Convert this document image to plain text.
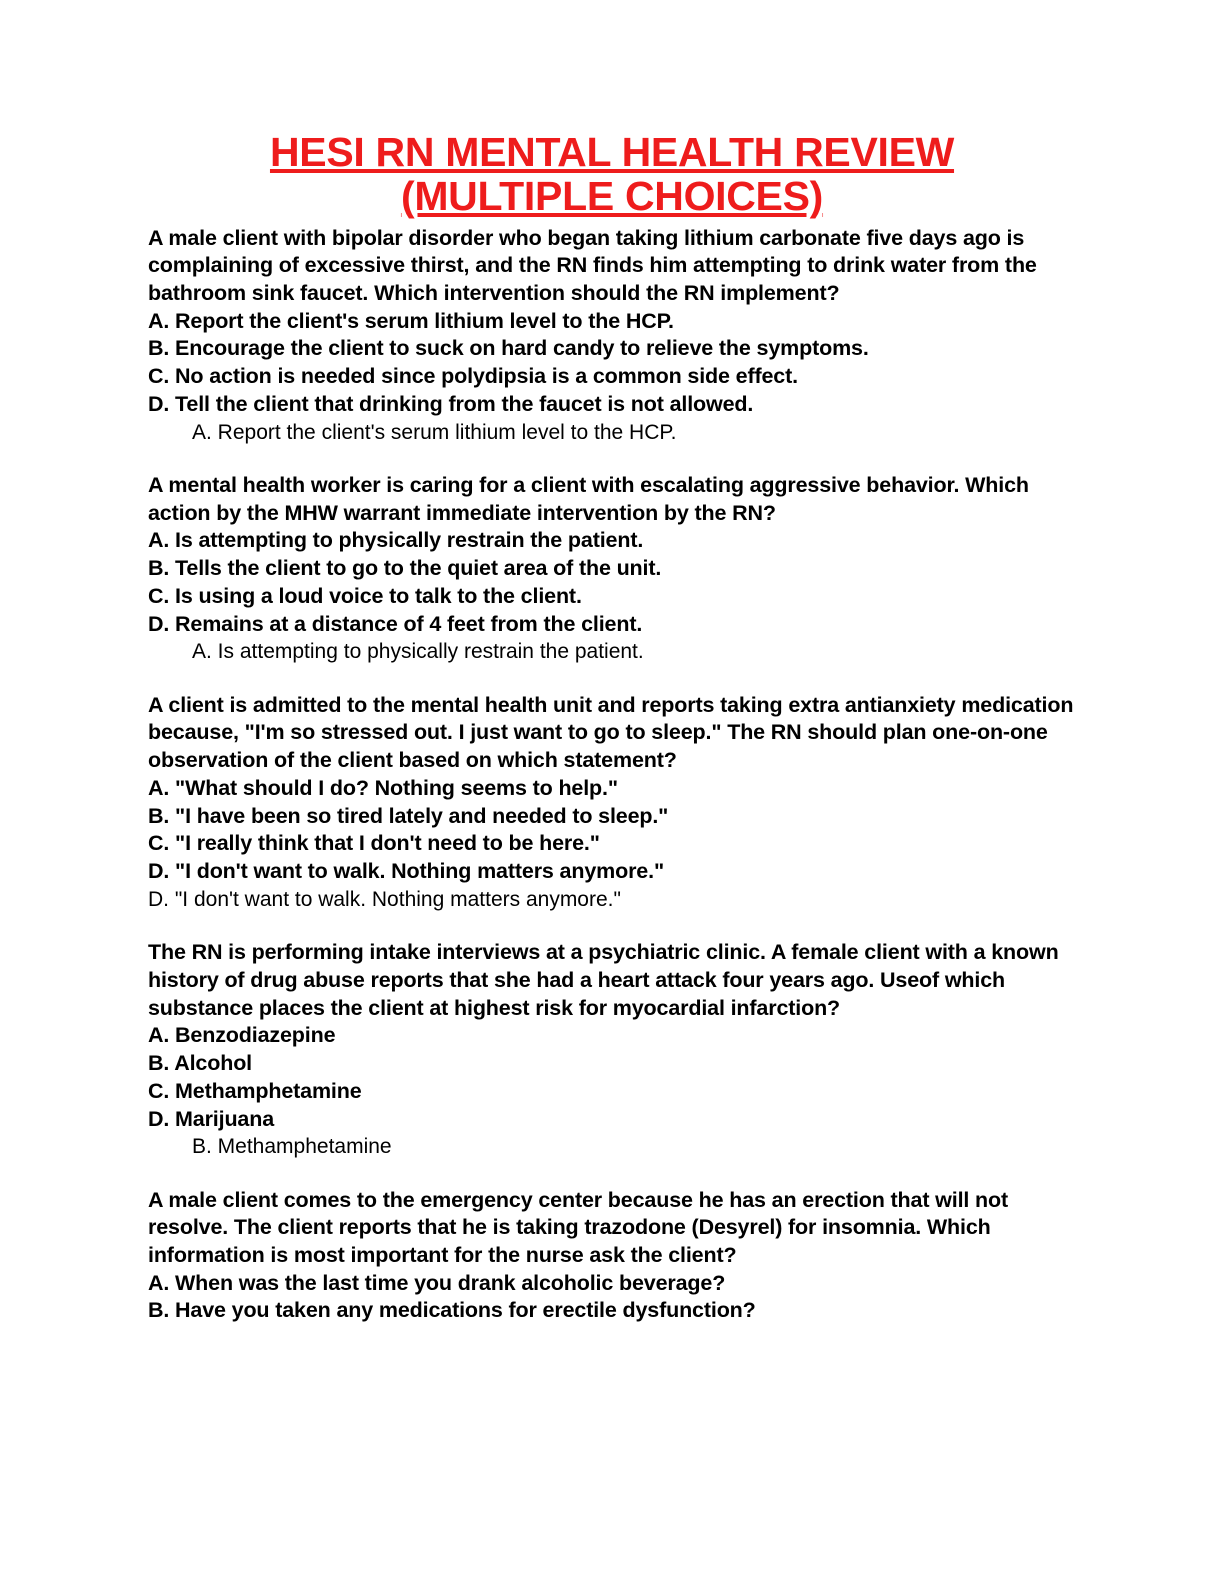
HESI RN MENTAL HEALTH REVIEW
(MULTIPLE CHOICES)

A male client with bipolar disorder who began taking lithium carbonate five days ago is complaining of excessive thirst, and the RN finds him attempting to drink water from the bathroom sink faucet. Which intervention should the RN implement?

A. Report the client's serum lithium level to the HCP.

B. Encourage the client to suck on hard candy to relieve the symptoms.

C. No action is needed since polydipsia is a common side effect.

D. Tell the client that drinking from the faucet is not allowed.

A. Report the client's serum lithium level to the HCP.

A mental health worker is caring for a client with escalating aggressive behavior. Which action by the MHW warrant immediate intervention by the RN?

A. Is attempting to physically restrain the patient.

B. Tells the client to go to the quiet area of the unit.

C. Is using a loud voice to talk to the client.

D. Remains at a distance of 4 feet from the client.

A. Is attempting to physically restrain the patient.

A client is admitted to the mental health unit and reports taking extra antianxiety medication because, "I'm so stressed out. I just want to go to sleep." The RN should plan one-on-one observation of the client based on which statement?

A. "What should I do? Nothing seems to help."

B. "I have been so tired lately and needed to sleep."

C. "I really think that I don't need to be here."

D. "I don't want to walk. Nothing matters anymore."

D. "I don't want to walk. Nothing matters anymore."

The RN is performing intake interviews at a psychiatric clinic. A female client with a known history of drug abuse reports that she had a heart attack four years ago. Useof which substance places the client at highest risk for myocardial infarction?

A. Benzodiazepine

B. Alcohol

C. Methamphetamine

D. Marijuana

B. Methamphetamine

A male client comes to the emergency center because he has an erection that will not resolve. The client reports that he is taking trazodone (Desyrel) for insomnia. Which information is most important for the nurse ask the client?

A. When was the last time you drank alcoholic beverage?

B. Have you taken any medications for erectile dysfunction?
